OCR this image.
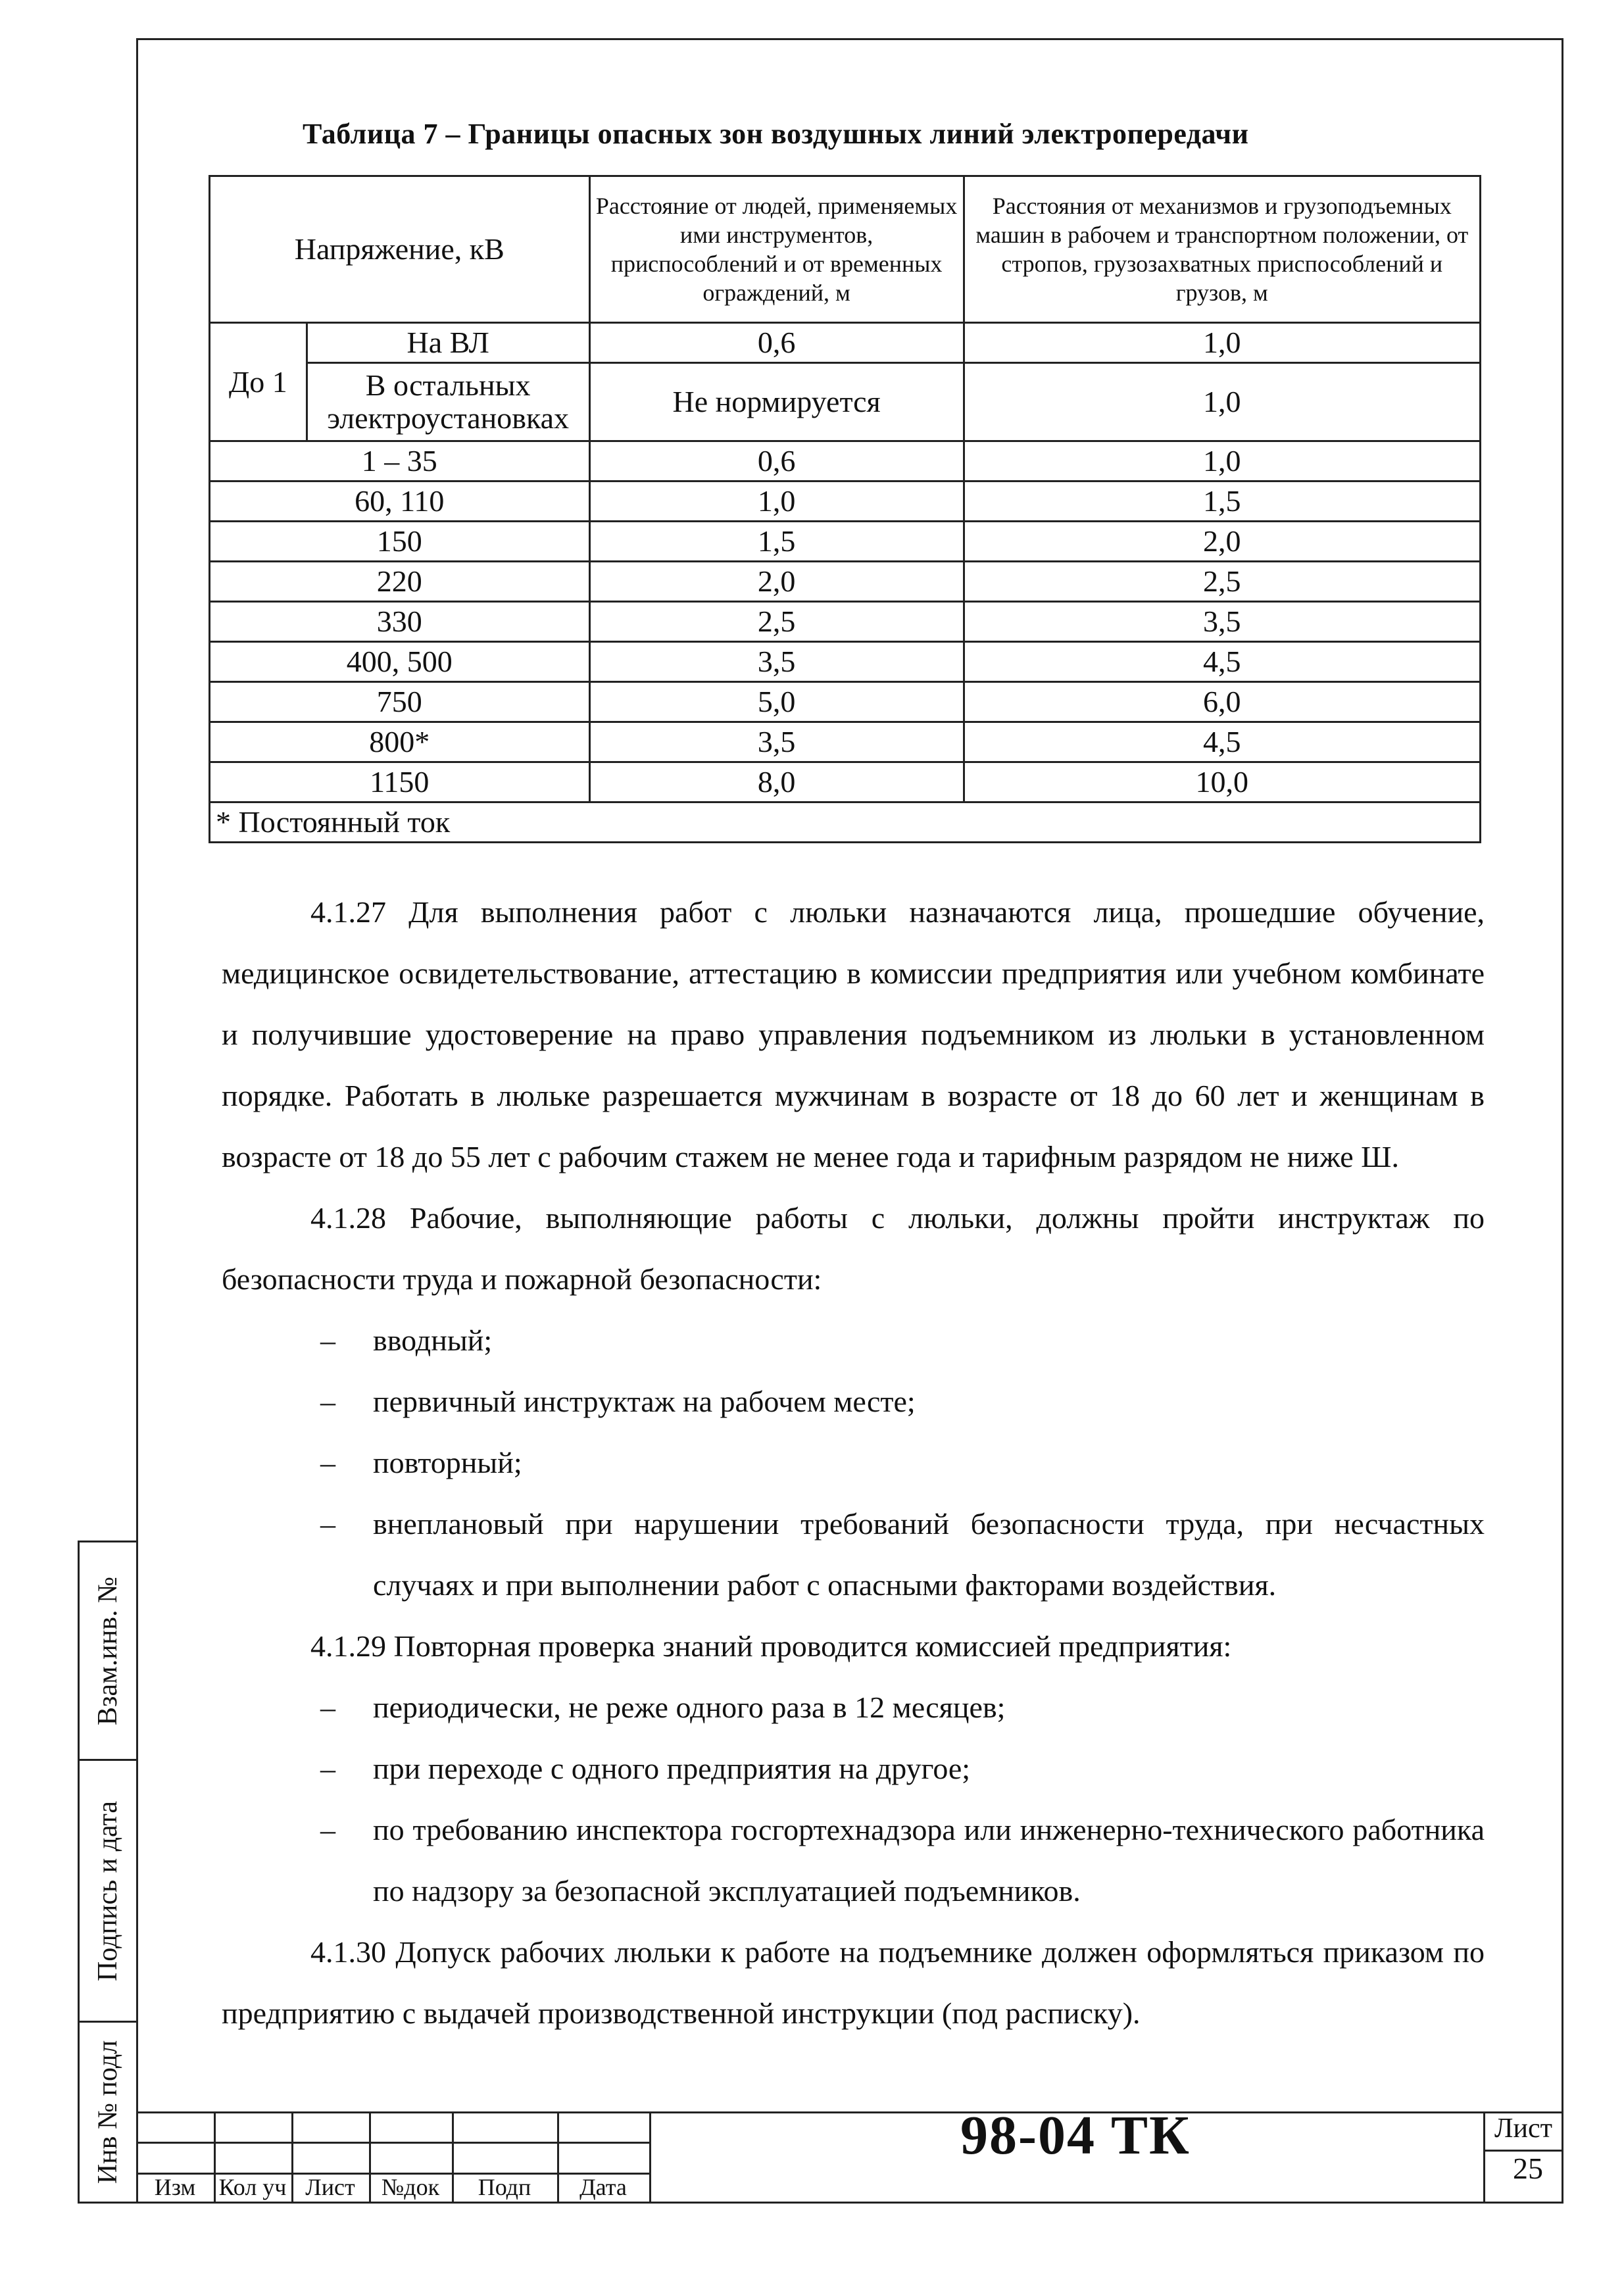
Взам.инв. №
Подпись и дата
Инв № подл
Таблица 7 – Границы опасных зон воздушных линий электропередачи
Напряжение, кВ		Расстояние от людей, применяемых ими инструментов, приспособлений и от временных ограждений, м	Расстояния от механизмов и грузоподъемных машин в рабочем и транспортном положении, от стропов, грузозахватных приспособлений и грузов, м
До 1	На ВЛ	0,6	1,0
	В остальных электроустановках	Не нормируется	1,0
1 – 35		0,6	1,0
60, 110		1,0	1,5
150		1,5	2,0
220		2,0	2,5
330		2,5	3,5
400, 500		3,5	4,5
750		5,0	6,0
800*		3,5	4,5
1150		8,0	10,0
* Постоянный ток			

4.1.27 Для выполнения работ с люльки назначаются лица, прошедшие обучение, медицинское освидетельствование, аттестацию в комиссии предприятия или учебном комбинате и получившие удостоверение на право управления подъемником из люльки в установленном порядке. Работать в люльке разрешается мужчинам в возрасте от 18 до 60 лет и женщинам в возрасте от 18 до 55 лет с рабочим стажем не менее года и тарифным разрядом не ниже Ш.

4.1.28 Рабочие, выполняющие работы с люльки, должны пройти инструктаж по безопасности труда и пожарной безопасности:

–	вводный;
–	первичный инструктаж на рабочем месте;
–	повторный;
–	внеплановый при нарушении требований безопасности труда, при несчастных случаях и при выполнении работ с опасными факторами воздействия.

4.1.29 Повторная проверка знаний проводится комиссией предприятия:

–	периодически, не реже одного раза в 12 месяцев;
–	при переходе с одного предприятия на другое;
–	по требованию инспектора госгортехнадзора или инженерно-технического работника по надзору за безопасной эксплуатацией подъемников.

4.1.30 Допуск рабочих люльки к работе на подъемнике должен оформляться приказом по предприятию с выдачей производственной инструкции (под расписку).

Изм Кол уч Лист	№док	Подп	Дата
98-04 ТК	Лист
25
